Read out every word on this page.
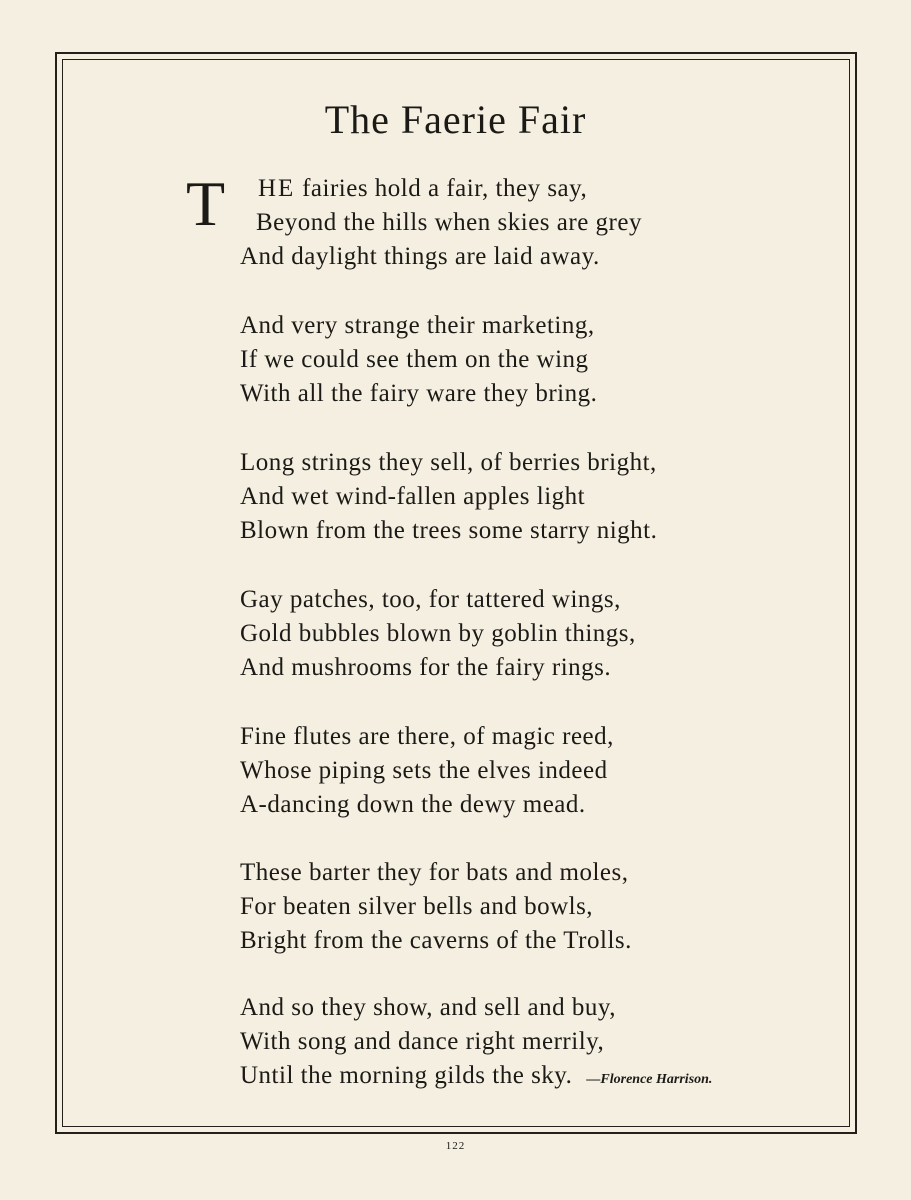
The Faerie Fair
T HE fairies hold a fair, they say,
Beyond the hills when skies are grey
And daylight things are laid away.
And very strange their marketing,
If we could see them on the wing
With all the fairy ware they bring.
Long strings they sell, of berries bright,
And wet wind-fallen apples light
Blown from the trees some starry night.
Gay patches, too, for tattered wings,
Gold bubbles blown by goblin things,
And mushrooms for the fairy rings.
Fine flutes are there, of magic reed,
Whose piping sets the elves indeed
A-dancing down the dewy mead.
These barter they for bats and moles,
For beaten silver bells and bowls,
Bright from the caverns of the Trolls.
And so they show, and sell and buy,
With song and dance right merrily,
Until the morning gilds the sky. —Florence Harrison.
122
